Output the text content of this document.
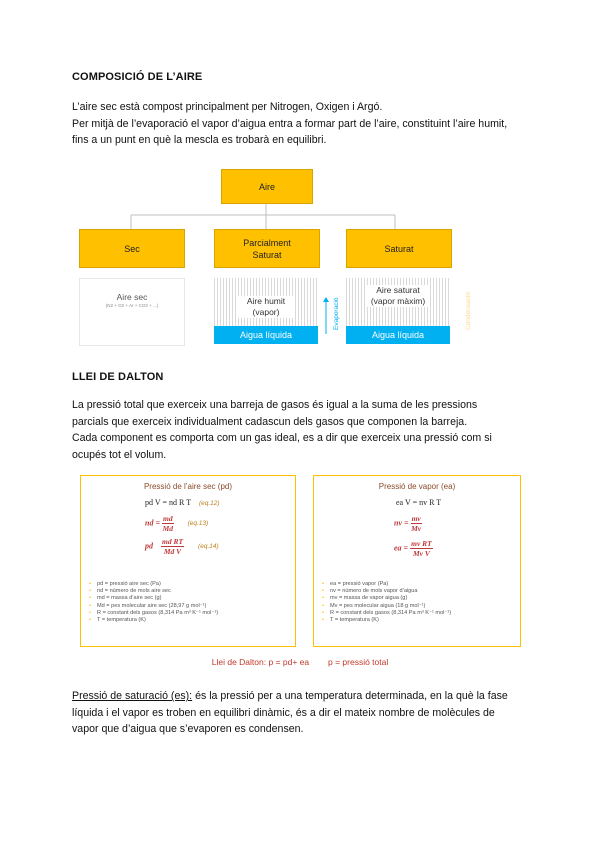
COMPOSICIÓ DE L’AIRE
L’aire sec està compost principalment per Nitrogen, Oxigen i Argó.
Per mitjà de l’evaporació el vapor d’aigua entra a formar part de l’aire, constituint l’aire humit,
fins a un punt en què la mescla es trobarà en equilibri.
Aire
Sec
Parcialment
Saturat
Saturat
Aire sec
(N2 + O2 + Ar + CO2 + ...)	Aire humit
(vapor)
Aigua líquida
Evaporació
Aire saturat
(vapor màxim)
Aigua líquida
Condensació
LLEI DE DALTON
La pressió total que exerceix una barreja de gasos és igual a la suma de les pressions
parcials que exerceix individualment cadascun dels gasos que componen la barreja.
Cada component es comporta com un gas ideal, es a dir que exerceix una pressió com si
ocupés tot el volum.
Pressió de l’aire sec (pd)
pd V = nd R T (eq.12)
nd = $\frac{md}{Md} (eq.13)$
pd $\frac{\text{md RT}}{\text{Md V}} (eq.14)$
• pd = pressió aire sec (Pa)
• nd = número de mols aire sec
• md = massa d’aire sec (g)
• Md = pes molecular aire sec (28,97 g mol⁻¹)
• R = constant dels gasos (8,314 Pa m³ K⁻¹ mol⁻¹)
• T = temperatura (K)
Pressió de vapor (ea)
ea V = nv R T
nv = $\frac{mv}{Mv}$
ea = $\frac{\text{mv RT}}{\text{Mv V}}$
• ea = pressió vapor (Pa)
• nv = número de mols vapor d’aigua
• mv = massa de vapor aigua (g)
• Mv = pes molecular aigua (18 g mol⁻¹)
• R = constant dels gasos (8,314 Pa m³ K⁻¹ mol⁻¹)
• T = temperatura (K)
Llei de Dalton: p = pd+ ea        p = pressió total
Pressió de saturació (es): és la pressió per a una temperatura determinada, en la què la fase
líquida i el vapor es troben en equilibri dinàmic, és a dir el mateix nombre de molècules de
vapor que d’aigua que s’evaporen es condensen.
